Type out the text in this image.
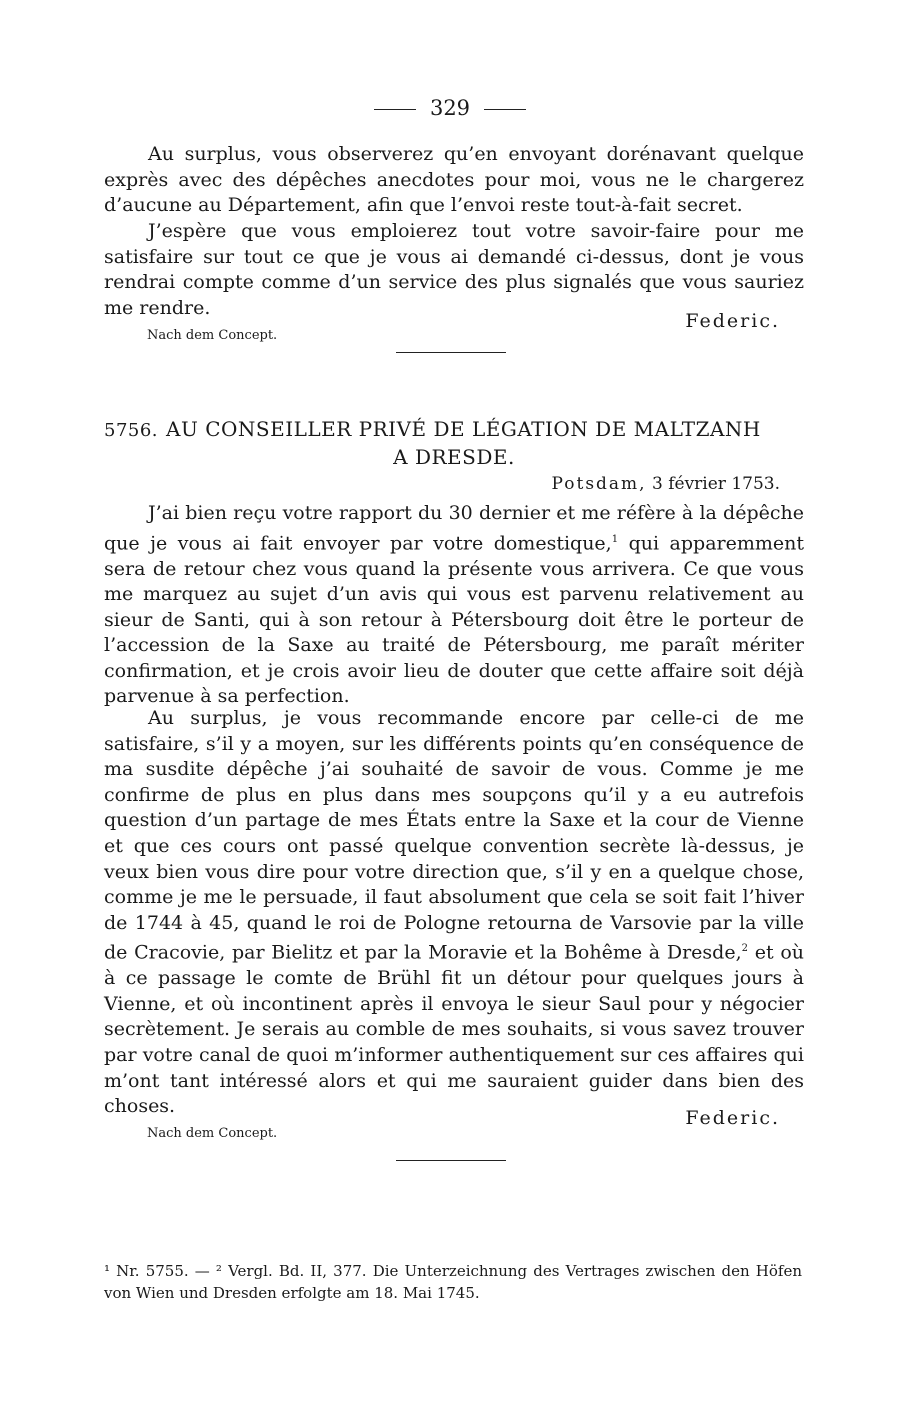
329
Au surplus, vous observerez qu’en envoyant dorénavant quelque exprès avec des dépêches anecdotes pour moi, vous ne le chargerez d’aucune au Département, afin que l’envoi reste tout-à-fait secret.
J’espère que vous emploierez tout votre savoir-faire pour me satisfaire sur tout ce que je vous ai demandé ci-dessus, dont je vous rendrai compte comme d’un service des plus signalés que vous sauriez me rendre.
Federic.
Nach dem Concept.
5756. AU CONSEILLER PRIVÉ DE LÉGATION DE MALTZANH
A DRESDE.
Potsdam, 3 février 1753.
J’ai bien reçu votre rapport du 30 dernier et me réfère à la dépêche que je vous ai fait envoyer par votre domestique,$^1$ qui apparemment sera de retour chez vous quand la présente vous arrivera. Ce que vous me marquez au sujet d’un avis qui vous est parvenu relativement au sieur de Santi, qui à son retour à Pétersbourg doit être le porteur de l’accession de la Saxe au traité de Pétersbourg, me paraît mériter confirmation, et je crois avoir lieu de douter que cette affaire soit déjà parvenue à sa perfection.
Au surplus, je vous recommande encore par celle-ci de me satisfaire, s’il y a moyen, sur les différents points qu’en conséquence de ma susdite dépêche j’ai souhaité de savoir de vous. Comme je me confirme de plus en plus dans mes soupçons qu’il y a eu autrefois question d’un partage de mes États entre la Saxe et la cour de Vienne et que ces cours ont passé quelque convention secrète là-dessus, je veux bien vous dire pour votre direction que, s’il y en a quelque chose, comme je me le persuade, il faut absolument que cela se soit fait l’hiver de 1744 à 45, quand le roi de Pologne retourna de Varsovie par la ville de Cracovie, par Bielitz et par la Moravie et la Bohême à Dresde,$^2$ et où à ce passage le comte de Brühl fit un détour pour quelques jours à Vienne, et où incontinent après il envoya le sieur Saul pour y négocier secrètement. Je serais au comble de mes souhaits, si vous savez trouver par votre canal de quoi m’informer authentiquement sur ces affaires qui m’ont tant intéressé alors et qui me sauraient guider dans bien des choses.
Federic.
Nach dem Concept.
¹ Nr. 5755. — ² Vergl. Bd. II, 377. Die Unterzeichnung des Vertrages zwischen den Höfen von Wien und Dresden erfolgte am 18. Mai 1745.
